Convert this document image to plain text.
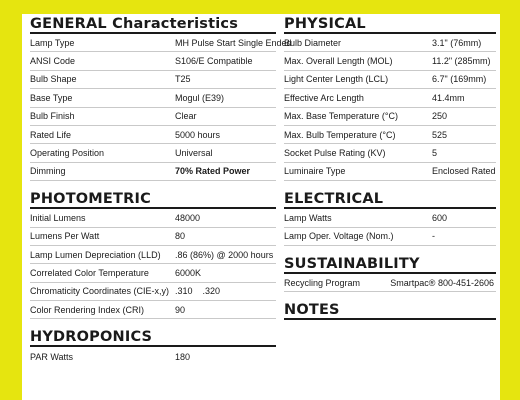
GENERAL Characteristics
Lamp Type	MH Pulse Start Single Ended
ANSI Code	S106/E Compatible
Bulb Shape	T25
Base Type	Mogul (E39)
Bulb Finish	Clear
Rated Life	5000 hours
Operating Position	Universal
Dimming	70% Rated Power
PHOTOMETRIC
Initial Lumens	48000
Lumens Per Watt	80
Lamp Lumen Depreciation (LLD)	.86 (86%) @ 2000 hours
Correlated Color Temperature	6000K
Chromaticity Coordinates (CIE-x,y) .310    .320
Color Rendering Index (CRI)	90
HYDROPONICS
PAR Watts	180
PHYSICAL
Bulb Diameter	3.1" (76mm)
Max. Overall Length (MOL)	11.2" (285mm)
Light Center Length (LCL)	6.7" (169mm)
Effective Arc Length	41.4mm
Max. Base Temperature (°C)	250
Max. Bulb Temperature (°C)	525
Socket Pulse Rating (KV)	5
Luminaire Type	Enclosed Rated
ELECTRICAL
Lamp Watts	600
Lamp Oper. Voltage (Nom.)	-
SUSTAINABILITY
Recycling Program	Smartpac® 800-451-2606
NOTES
